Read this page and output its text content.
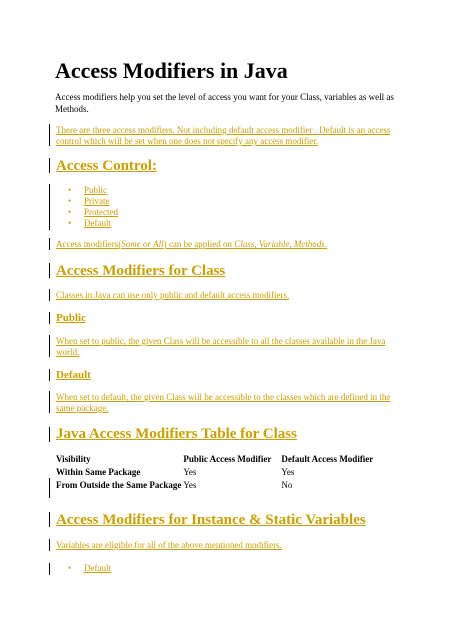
Access Modifiers in Java

Access modifiers help you set the level of access you want for your Class, variables as well as Methods.

There are three access modifiers. Not including default access modifier . Default is an access control which will be set when one does not specify any access modifier.

Access Control:
• Public
• Private
• Protected
• Default

Access modifiers(Some or All) can be applied on Class, Variable, Methods.

Access Modifiers for Class

Classes in Java can use only public and default access modifiers.

Public

When set to public, the given Class will be accessible to all the classes available in the Java world.

Default

When set to default, the given Class will be accessible to the classes which are defined in the same package.

Java Access Modifiers Table for Class
Visibility	Public Access Modifier	Default Access Modifier
Within Same Package	Yes	Yes
From Outside the Same Package	Yes	No
Access Modifiers for Instance & Static Variables

Variables are eligible for all of the above mentioned modifiers.

• Default
